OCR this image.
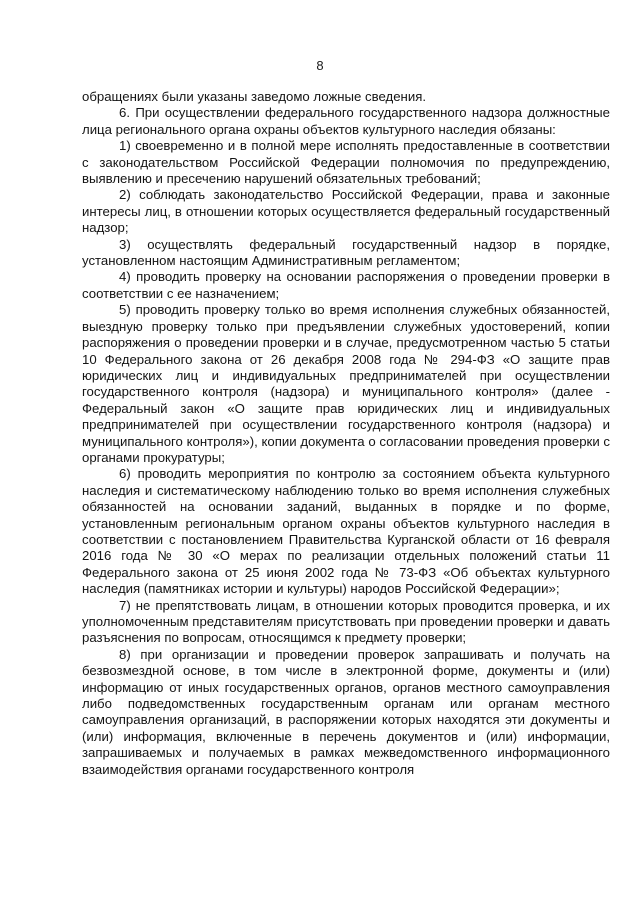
8

обращениях были указаны заведомо ложные сведения.

6. При осуществлении федерального государственного надзора должностные лица регионального органа охраны объектов культурного наследия обязаны:

1) своевременно и в полной мере исполнять предоставленные в соответствии с законодательством Российской Федерации полномочия по предупреждению, выявлению и пресечению нарушений обязательных требований;

2) соблюдать законодательство Российской Федерации, права и законные интересы лиц, в отношении которых осуществляется федеральный государственный надзор;

3) осуществлять федеральный государственный надзор в порядке, установленном настоящим Административным регламентом;

4) проводить проверку на основании распоряжения о проведении проверки в соответствии с ее назначением;

5) проводить проверку только во время исполнения служебных обязанностей, выездную проверку только при предъявлении служебных удостоверений, копии распоряжения о проведении проверки и в случае, предусмотренном частью 5 статьи 10 Федерального закона от 26 декабря 2008 года № 294-ФЗ «О защите прав юридических лиц и индивидуальных предпринимателей при осуществлении государственного контроля (надзора) и муниципального контроля» (далее - Федеральный закон «О защите прав юридических лиц и индивидуальных предпринимателей при осуществлении государственного контроля (надзора) и муниципального контроля»), копии документа о согласовании проведения проверки с органами прокуратуры;

6) проводить мероприятия по контролю за состоянием объекта культурного наследия и систематическому наблюдению только во время исполнения служебных обязанностей на основании заданий, выданных в порядке и по форме, установленным региональным органом охраны объектов культурного наследия в соответствии с постановлением Правительства Курганской области от 16 февраля 2016 года № 30 «О мерах по реализации отдельных положений статьи 11 Федерального закона от 25 июня 2002 года № 73-ФЗ «Об объектах культурного наследия (памятниках истории и культуры) народов Российской Федерации»;

7) не препятствовать лицам, в отношении которых проводится проверка, и их уполномоченным представителям присутствовать при проведении проверки и давать разъяснения по вопросам, относящимся к предмету проверки;

8) при организации и проведении проверок запрашивать и получать на безвозмездной основе, в том числе в электронной форме, документы и (или) информацию от иных государственных органов, органов местного самоуправления либо подведомственных государственным органам или органам местного самоуправления организаций, в распоряжении которых находятся эти документы и (или) информация, включенные в перечень документов и (или) информации, запрашиваемых и получаемых в рамках межведомственного информационного взаимодействия органами государственного контроля
